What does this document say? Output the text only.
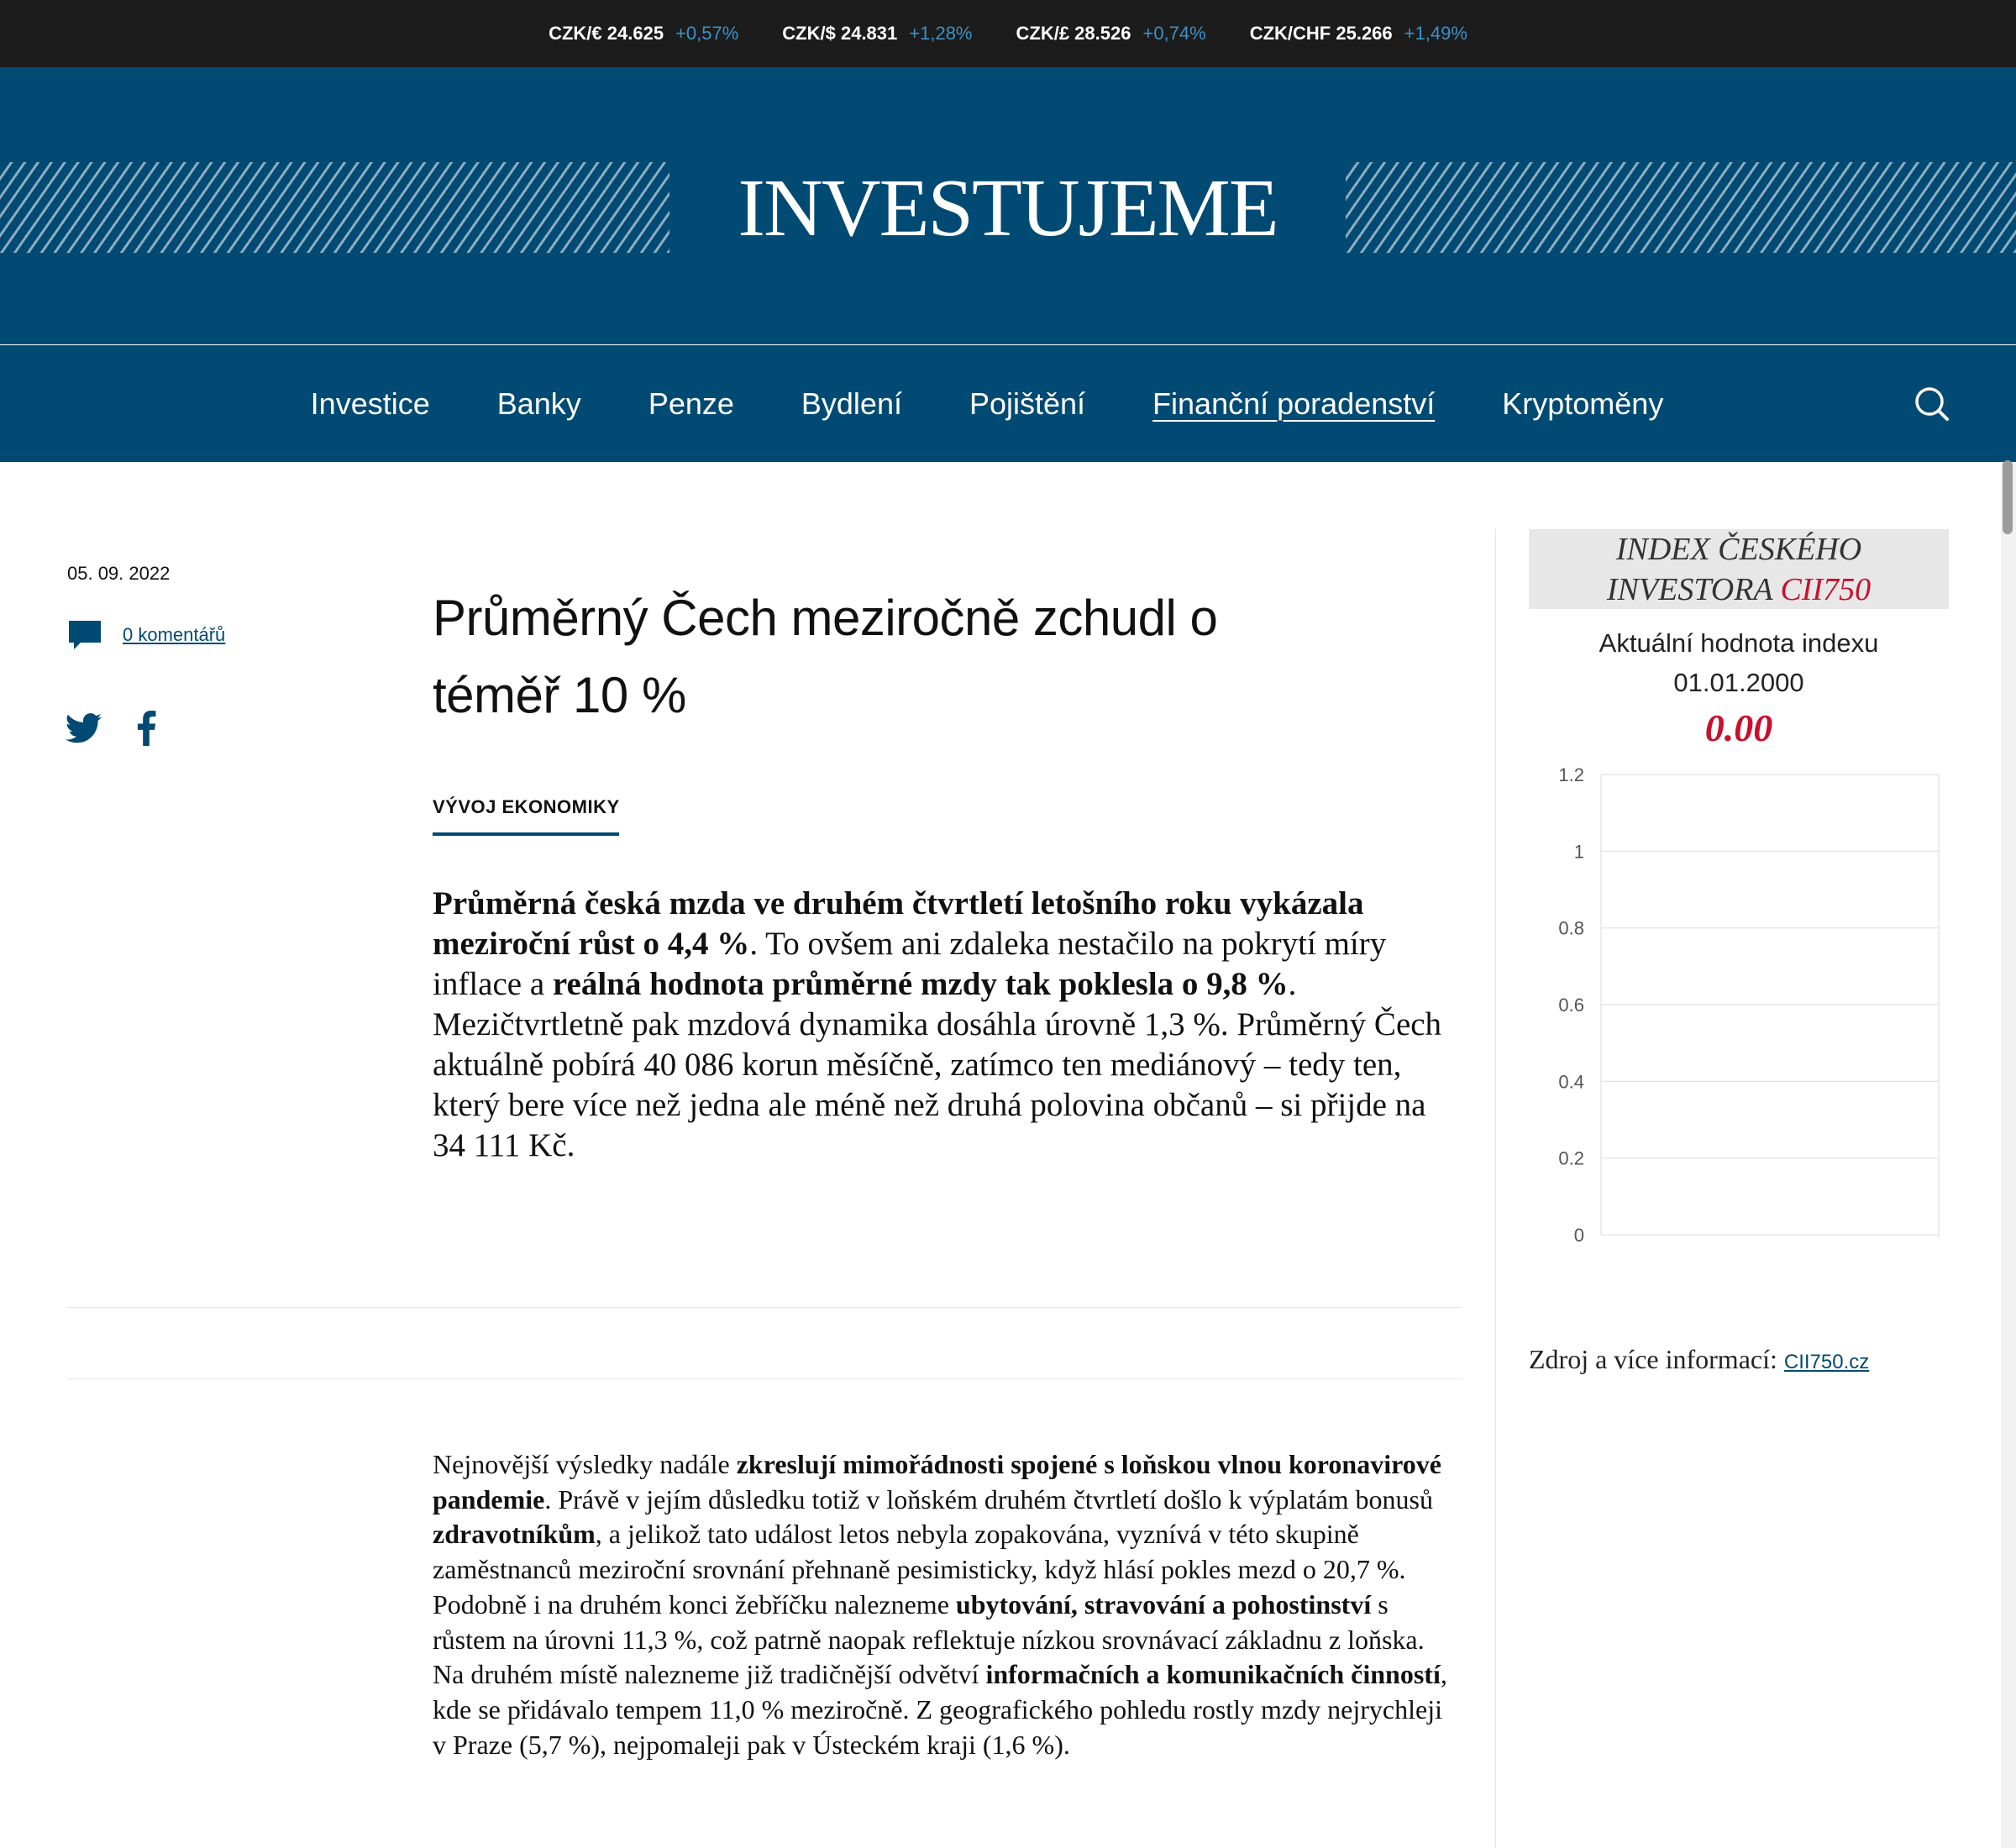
CZK/€ 24.625 +0,57% CZK/$ 24.831 +1,28% CZK/£ 28.526 +0,74% CZK/CHF 25.266 +1,49%
INVESTUJEME
Investice Banky Penze Bydlení Pojištění Finanční poradenství Kryptoměny
05. 09. 2022
0 komentářů	Průměrný Čech meziročně zchudl o téměř 10 %
VÝVOJ EKONOMIKY

Průměrná česká mzda ve druhém čtvrtletí letošního roku vykázala meziroční růst o 4,4 %. To ovšem ani zdaleka nestačilo na pokrytí míry inflace a reálná hodnota průměrné mzdy tak poklesla o 9,8 %. Mezičtvrtletně pak mzdová dynamika dosáhla úrovně 1,3 %. Průměrný Čech aktuálně pobírá 40 086 korun měsíčně, zatímco ten mediánový – tedy ten, který bere více než jedna ale méně než druhá polovina občanů – si přijde na 34 111 Kč.

Nejnovější výsledky nadále zkreslují mimořádnosti spojené s loňskou vlnou koronavirové pandemie. Právě v jejím důsledku totiž v loňském druhém čtvrtletí došlo k výplatám bonusů zdravotníkům, a jelikož tato událost letos nebyla zopakována, vyznívá v této skupině zaměstnanců meziroční srovnání přehnaně pesimisticky, když hlásí pokles mezd o 20,7 %. Podobně i na druhém konci žebříčku nalezneme ubytování, stravování a pohostinství s růstem na úrovni 11,3 %, což patrně naopak reflektuje nízkou srovnávací základnu z loňska. Na druhém místě nalezneme již tradičnější odvětví informačních a komunikačních činností, kde se přidávalo tempem 11,0 % meziročně. Z geografického pohledu rostly mzdy nejrychleji v Praze (5,7 %), nejpomaleji pak v Ústeckém kraji (1,6 %).

INDEX ČESKÉHO
INVESTORA CII750
Aktuální hodnota indexu
01.01.2000
0.00
0
0.2
0.4
0.6
0.8
1
1.2
Zdroj a více informací: CII750.cz
